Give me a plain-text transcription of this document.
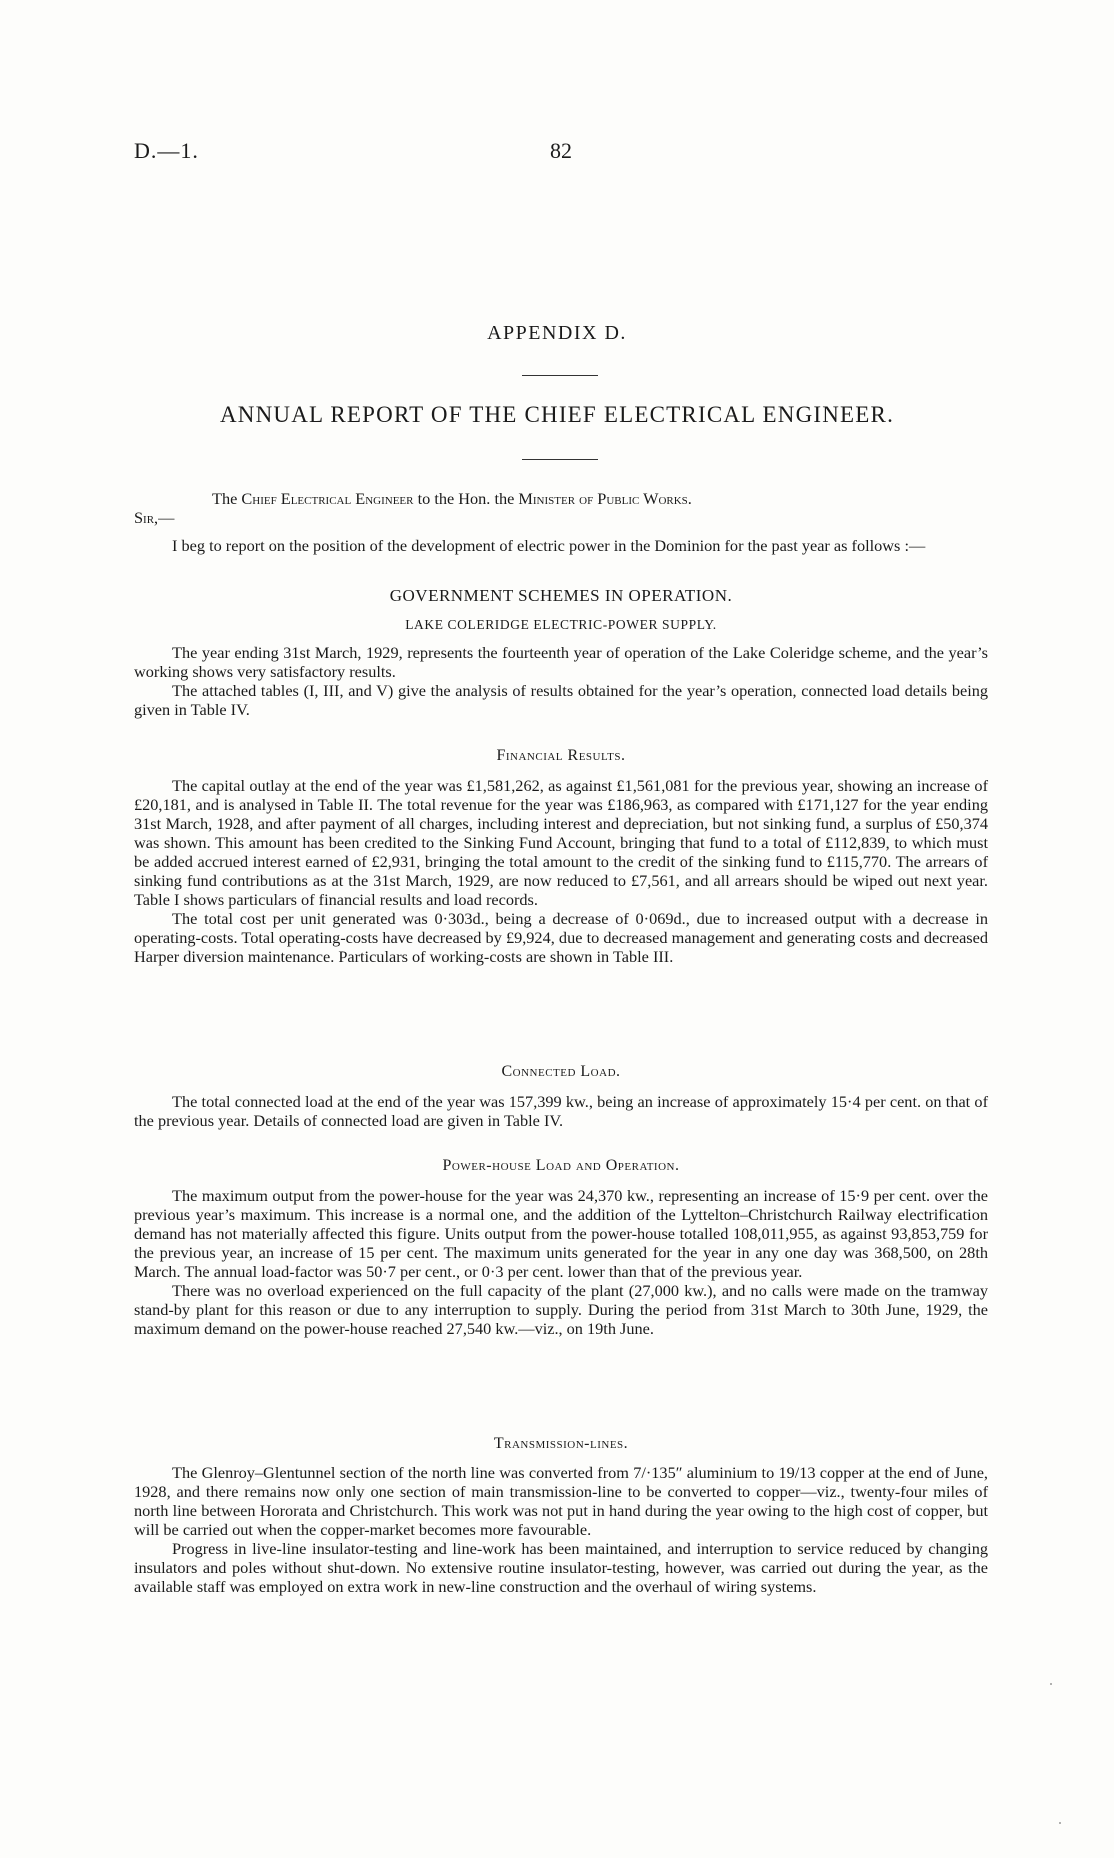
D.—1.	82
APPENDIX D.
ANNUAL REPORT OF THE CHIEF ELECTRICAL ENGINEER.
The Chief Electrical Engineer to the Hon. the Minister of Public Works.
Sir,—

I beg to report on the position of the development of electric power in the Dominion for the past year as follows :—

GOVERNMENT SCHEMES IN OPERATION.
LAKE COLERIDGE ELECTRIC-POWER SUPPLY.

The year ending 31st March, 1929, represents the fourteenth year of operation of the Lake Coleridge scheme, and the year’s working shows very satisfactory results.

The attached tables (I, III, and V) give the analysis of results obtained for the year’s operation, connected load details being given in Table IV.

Financial Results.

The capital outlay at the end of the year was £1,581,262, as against £1,561,081 for the previous year, showing an increase of £20,181, and is analysed in Table II. The total revenue for the year was £186,963, as compared with £171,127 for the year ending 31st March, 1928, and after payment of all charges, including interest and depreciation, but not sinking fund, a surplus of £50,374 was shown. This amount has been credited to the Sinking Fund Account, bringing that fund to a total of £112,839, to which must be added accrued interest earned of £2,931, bringing the total amount to the credit of the sinking fund to £115,770. The arrears of sinking fund contributions as at the 31st March, 1929, are now reduced to £7,561, and all arrears should be wiped out next year. Table I shows particulars of financial results and load records.

The total cost per unit generated was 0·303d., being a decrease of 0·069d., due to increased output with a decrease in operating-costs. Total operating-costs have decreased by £9,924, due to decreased management and generating costs and decreased Harper diversion maintenance. Particulars of working-costs are shown in Table III.

Connected Load.

The total connected load at the end of the year was 157,399 kw., being an increase of approximately 15·4 per cent. on that of the previous year. Details of connected load are given in Table IV.

Power-house Load and Operation.

The maximum output from the power-house for the year was 24,370 kw., representing an increase of 15·9 per cent. over the previous year’s maximum. This increase is a normal one, and the addition of the Lyttelton–Christchurch Railway electrification demand has not materially affected this figure. Units output from the power-house totalled 108,011,955, as against 93,853,759 for the previous year, an increase of 15 per cent. The maximum units generated for the year in any one day was 368,500, on 28th March. The annual load-factor was 50·7 per cent., or 0·3 per cent. lower than that of the previous year.

There was no overload experienced on the full capacity of the plant (27,000 kw.), and no calls were made on the tramway stand-by plant for this reason or due to any interruption to supply. During the period from 31st March to 30th June, 1929, the maximum demand on the power-house reached 27,540 kw.—viz., on 19th June.

Transmission-lines.

The Glenroy–Glentunnel section of the north line was converted from 7/·135″ aluminium to 19/13 copper at the end of June, 1928, and there remains now only one section of main transmission-line to be converted to copper—viz., twenty-four miles of north line between Hororata and Christchurch. This work was not put in hand during the year owing to the high cost of copper, but will be carried out when the copper-market becomes more favourable.

Progress in live-line insulator-testing and line-work has been maintained, and interruption to service reduced by changing insulators and poles without shut-down. No extensive routine insulator-testing, however, was carried out during the year, as the available staff was employed on extra work in new-line construction and the overhaul of wiring systems.
